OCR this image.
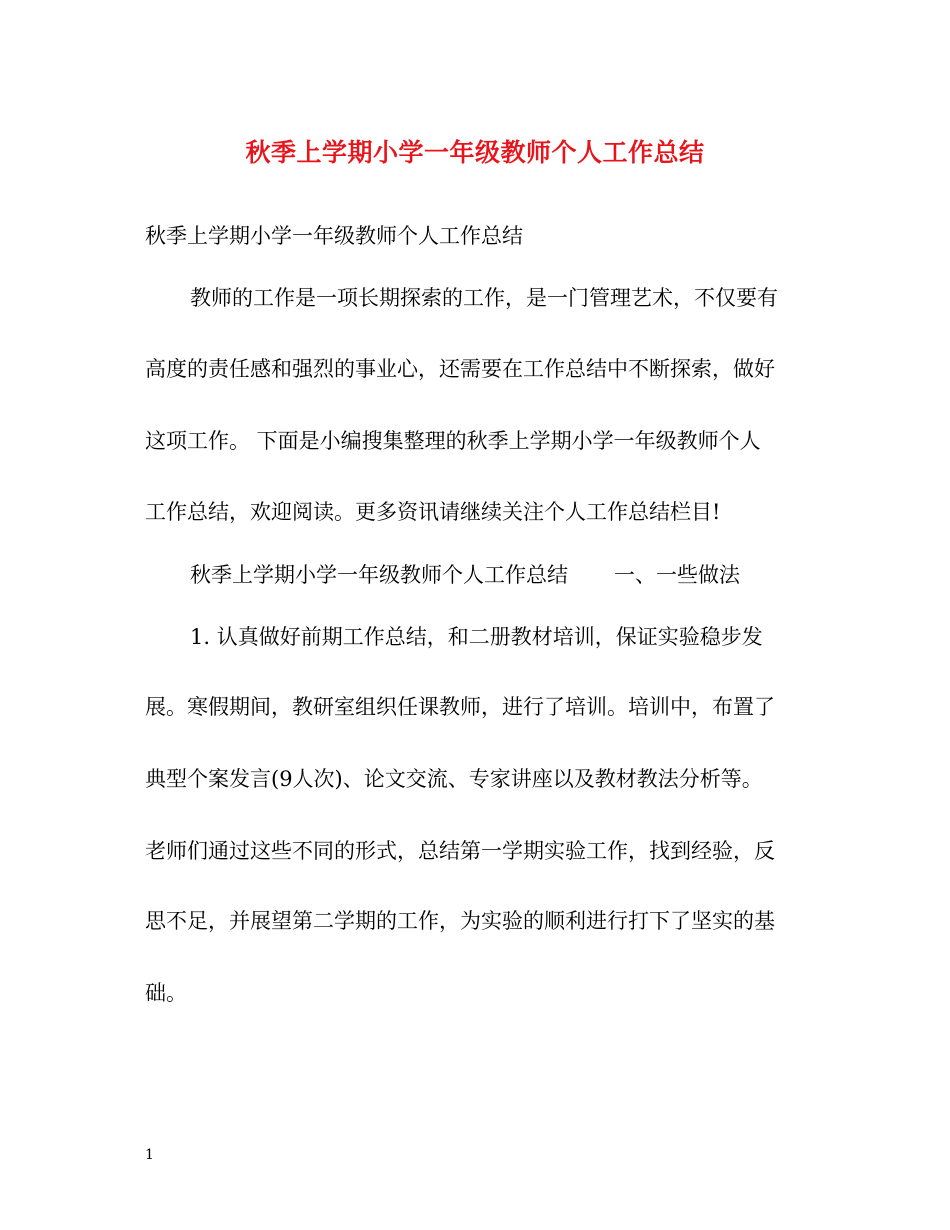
秋季上学期小学一年级教师个人工作总结
秋季上学期小学一年级教师个人工作总结
教师的工作是一项长期探索的工作，是一门管理艺术，不仅要有
高度的责任感和强烈的事业心，还需要在工作总结中不断探索，做好
这项工作。 下面是小编搜集整理的秋季上学期小学一年级教师个人
工作总结，欢迎阅读。更多资讯请继续关注个人工作总结栏目!
秋季上学期小学一年级教师个人工作总结 一、一些做法
1. 认真做好前期工作总结，和二册教材培训，保证实验稳步发
展。寒假期间，教研室组织任课教师，进行了培训。培训中，布置了
典型个案发言(9人次)、论文交流、专家讲座以及教材教法分析等。
老师们通过这些不同的形式，总结第一学期实验工作，找到经验，反
思不足，并展望第二学期的工作，为实验的顺利进行打下了坚实的基
础。
1
